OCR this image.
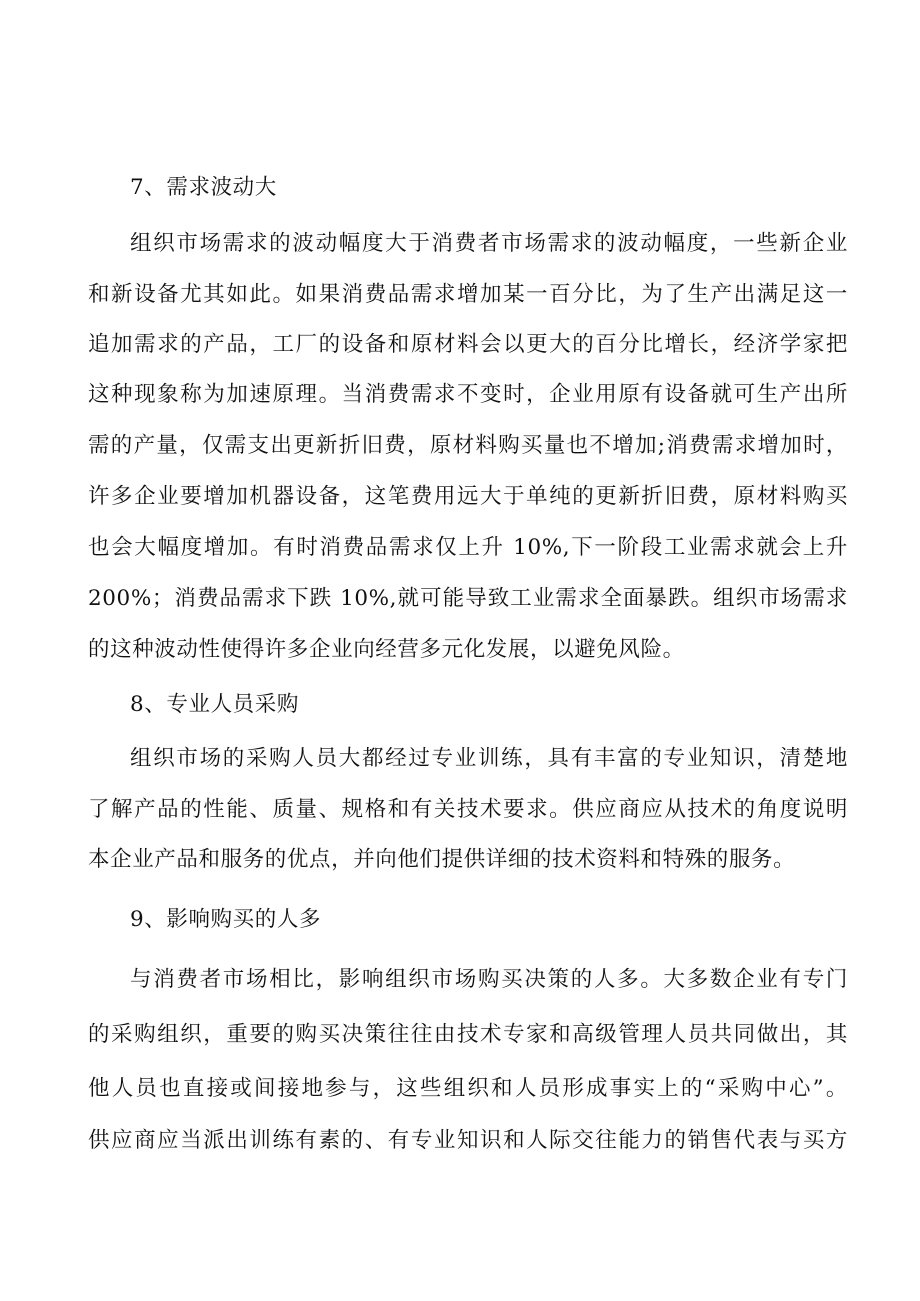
7、需求波动大
组织市场需求的波动幅度大于消费者市场需求的波动幅度，一些新企业
和新设备尤其如此。如果消费品需求增加某一百分比，为了生产出满足这一
追加需求的产品，工厂的设备和原材料会以更大的百分比增长，经济学家把
这种现象称为加速原理。当消费需求不变时，企业用原有设备就可生产出所
需的产量，仅需支出更新折旧费，原材料购买量也不增加;消费需求增加时，
许多企业要增加机器设备，这笔费用远大于单纯的更新折旧费，原材料购买
也会大幅度增加。有时消费品需求仅上升 10%,下一阶段工业需求就会上升
200%；消费品需求下跌 10%,就可能导致工业需求全面暴跌。组织市场需求
的这种波动性使得许多企业向经营多元化发展，以避免风险。
8、专业人员采购
组织市场的采购人员大都经过专业训练，具有丰富的专业知识，清楚地
了解产品的性能、质量、规格和有关技术要求。供应商应从技术的角度说明
本企业产品和服务的优点，并向他们提供详细的技术资料和特殊的服务。
9、影响购买的人多
与消费者市场相比，影响组织市场购买决策的人多。大多数企业有专门
的采购组织，重要的购买决策往往由技术专家和高级管理人员共同做出，其
他人员也直接或间接地参与，这些组织和人员形成事实上的“采购中心”。
供应商应当派出训练有素的、有专业知识和人际交往能力的销售代表与买方
